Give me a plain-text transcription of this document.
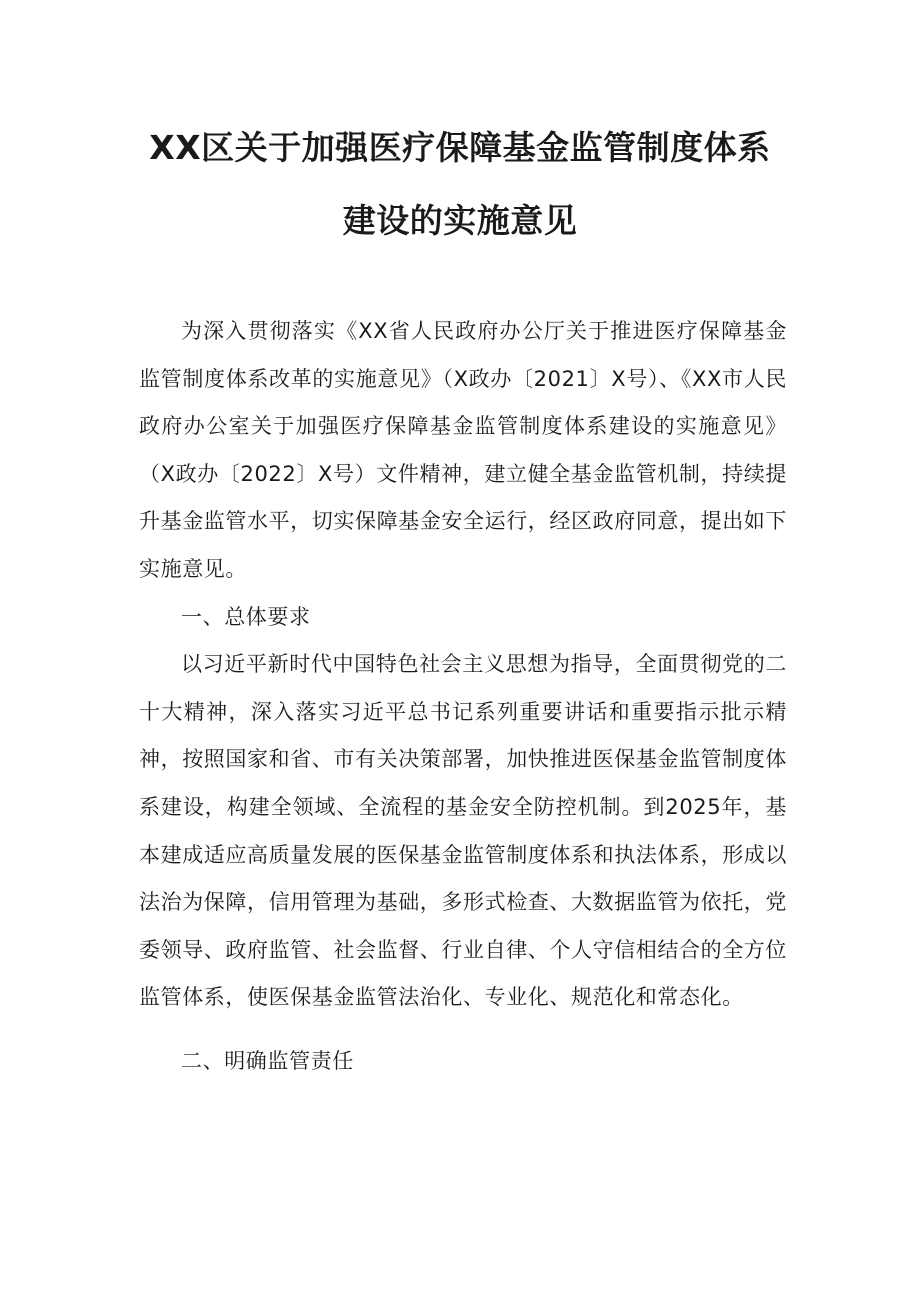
XX区关于加强医疗保障基金监管制度体系
建设的实施意见

为深入贯彻落实《XX省人民政府办公厅关于推进医疗保障基金监管制度体系改革的实施意见》（X政办〔2021〕X号）、《XX市人民政府办公室关于加强医疗保障基金监管制度体系建设的实施意见》（X政办〔2022〕X号）文件精神，建立健全基金监管机制，持续提升基金监管水平，切实保障基金安全运行，经区政府同意，提出如下实施意见。

一、总体要求

以习近平新时代中国特色社会主义思想为指导，全面贯彻党的二十大精神，深入落实习近平总书记系列重要讲话和重要指示批示精神，按照国家和省、市有关决策部署，加快推进医保基金监管制度体系建设，构建全领域、全流程的基金安全防控机制。到2025年，基本建成适应高质量发展的医保基金监管制度体系和执法体系，形成以法治为保障，信用管理为基础，多形式检查、大数据监管为依托，党委领导、政府监管、社会监督、行业自律、个人守信相结合的全方位监管体系，使医保基金监管法治化、专业化、规范化和常态化。

二、明确监管责任
